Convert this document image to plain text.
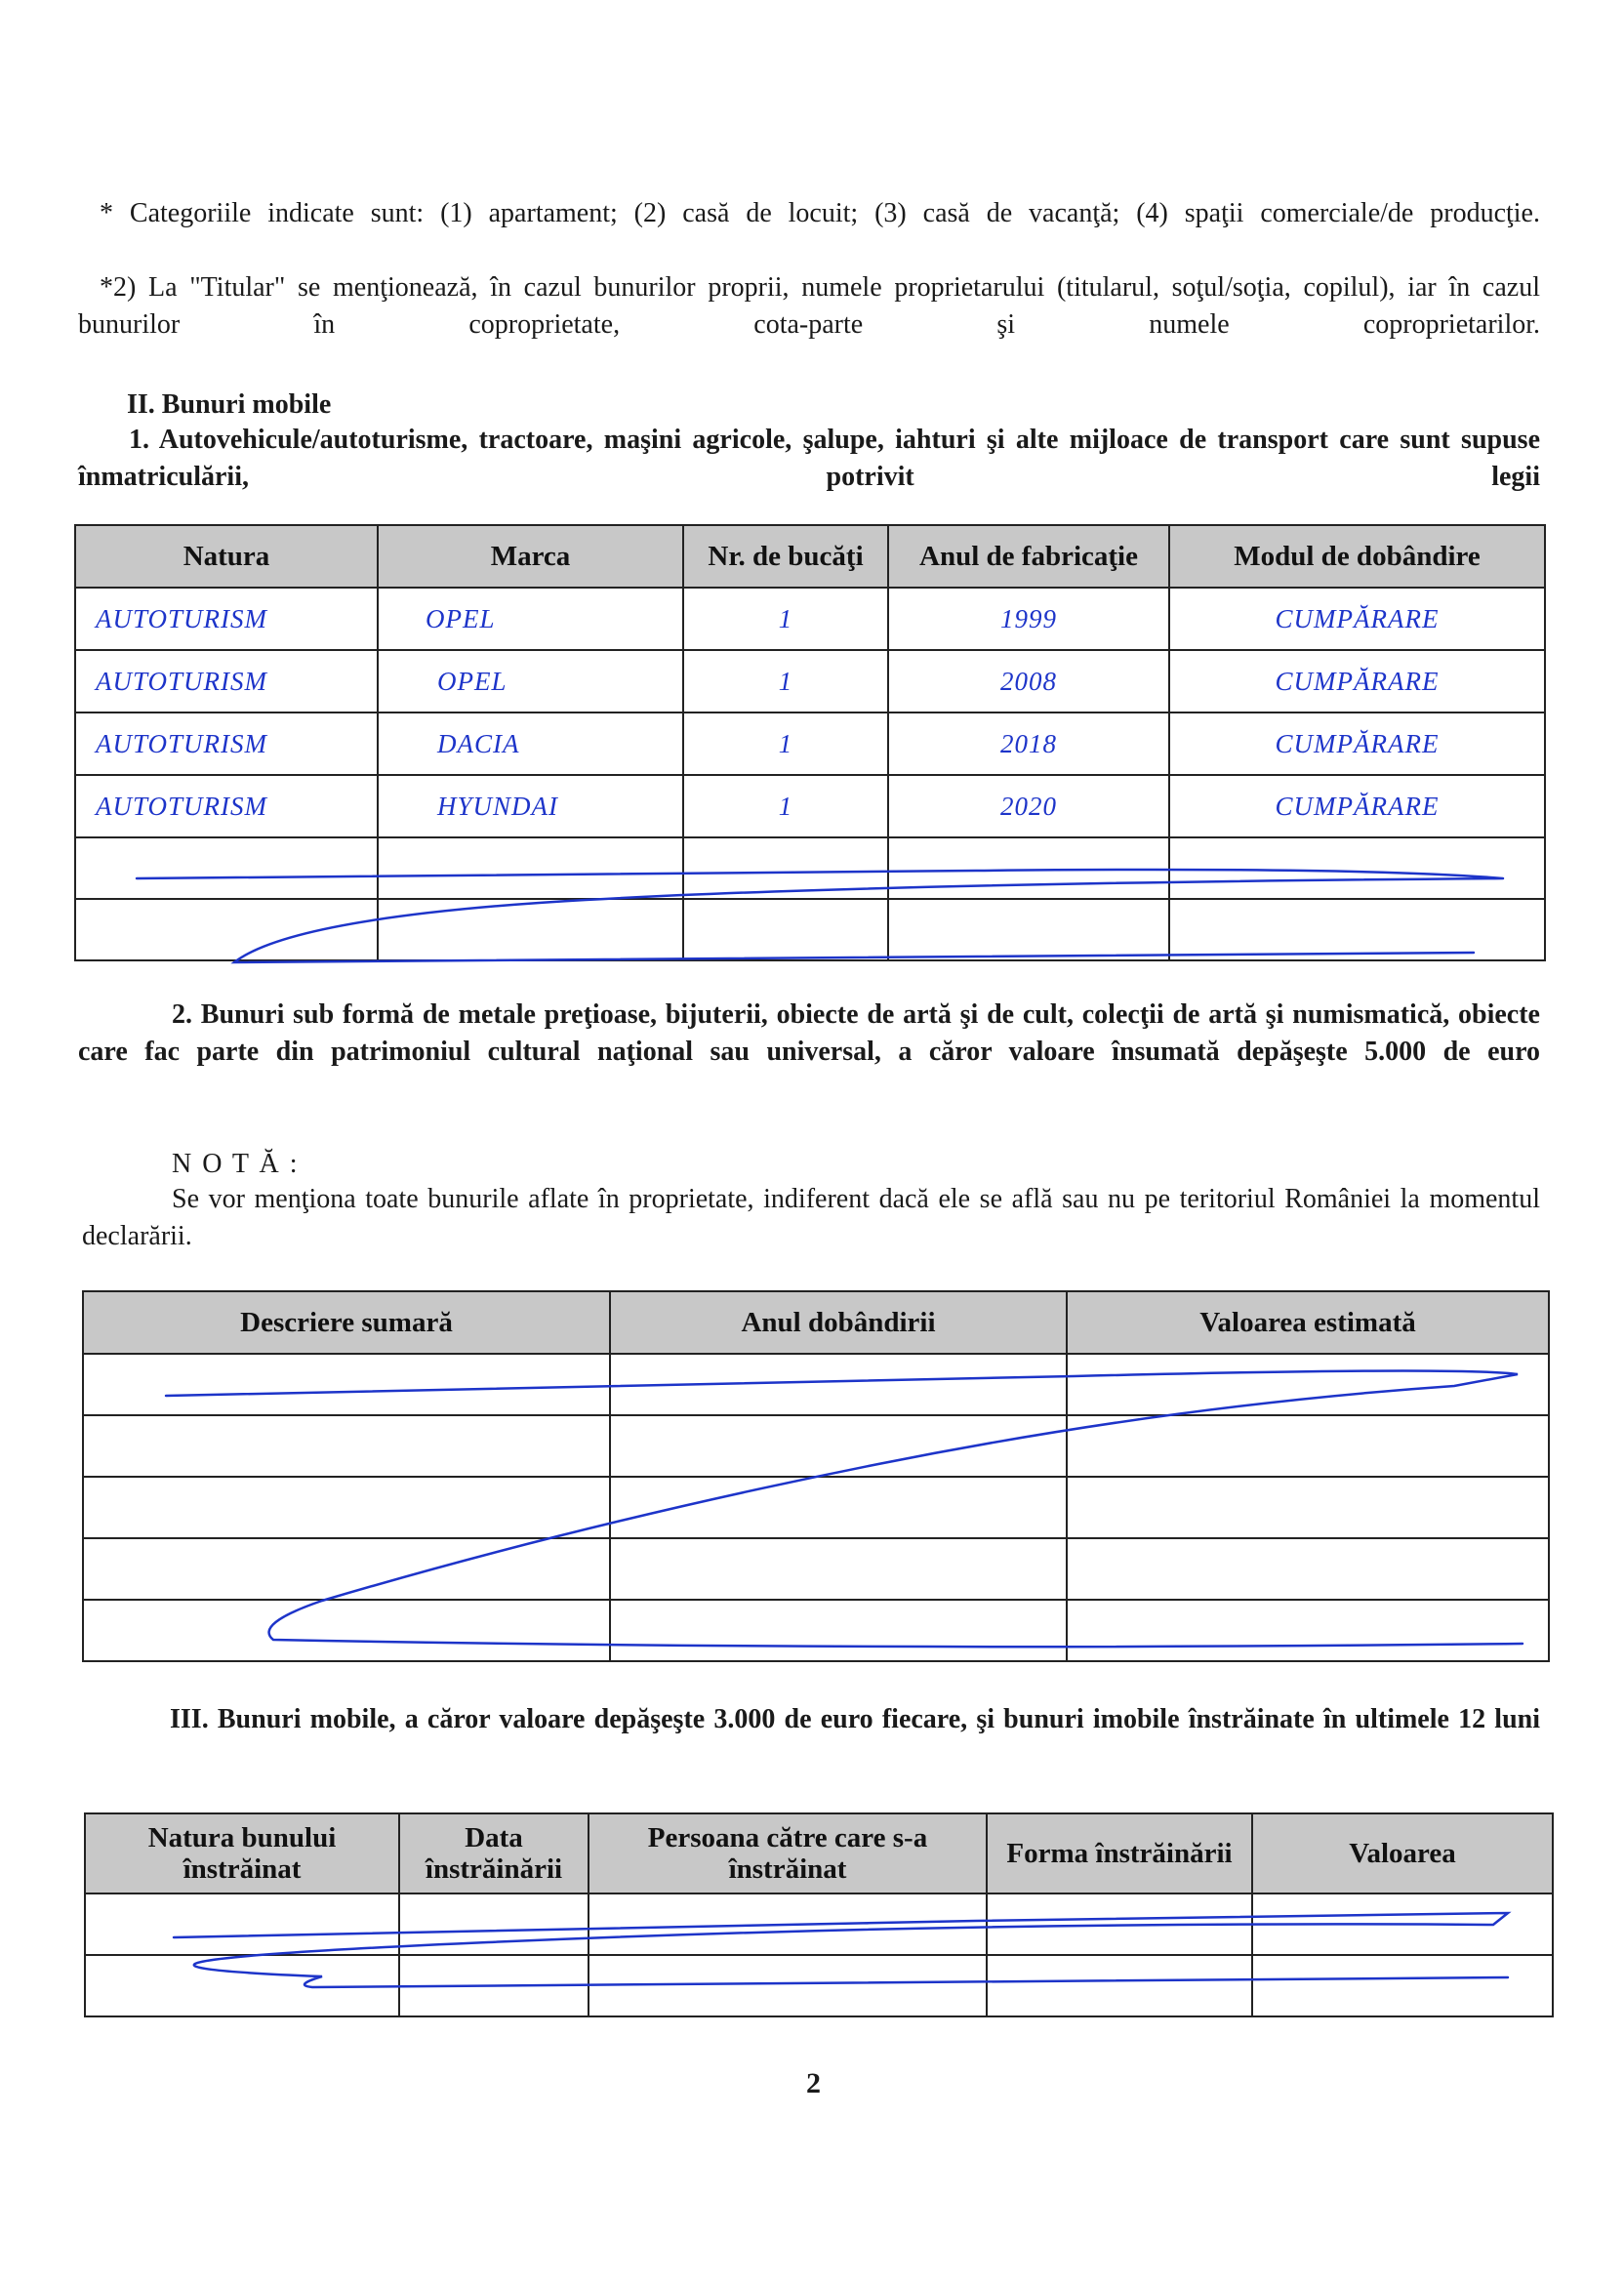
* Categoriile indicate sunt: (1) apartament; (2) casă de locuit; (3) casă de vacanţă; (4) spaţii comerciale/de producţie.
*2) La "Titular" se menţionează, în cazul bunurilor proprii, numele proprietarului (titularul, soţul/soţia, copilul), iar în cazul bunurilor în coproprietate, cota-parte şi numele coproprietarilor.
II. Bunuri mobile
1. Autovehicule/autoturisme, tractoare, maşini agricole, şalupe, iahturi şi alte mijloace de transport care sunt supuse înmatriculării, potrivit legii
Natura	Marca	Nr. de bucăţi	Anul de fabricaţie	Modul de dobândire
AUTOTURISM	OPEL	1	1999	CUMPĂRARE
AUTOTURISM	OPEL	1	2008	CUMPĂRARE
AUTOTURISM	DACIA	1	2018	CUMPĂRARE
AUTOTURISM	HYUNDAI	1	2020	CUMPĂRARE

2. Bunuri sub formă de metale preţioase, bijuterii, obiecte de artă şi de cult, colecţii de artă şi numismatică, obiecte care fac parte din patrimoniul cultural naţional sau universal, a căror valoare însumată depăşeşte 5.000 de euro
N O T Ă :
Se vor menţiona toate bunurile aflate în proprietate, indiferent dacă ele se află sau nu pe teritoriul României la momentul declarării.
Descriere sumară	Anul dobândirii	Valoarea estimată

III. Bunuri mobile, a căror valoare depăşeşte 3.000 de euro fiecare, şi bunuri imobile înstrăinate în ultimele 12 luni
Natura bunului înstrăinat	Data înstrăinării	Persoana către care s-a înstrăinat	Forma înstrăinării	Valoarea

2
